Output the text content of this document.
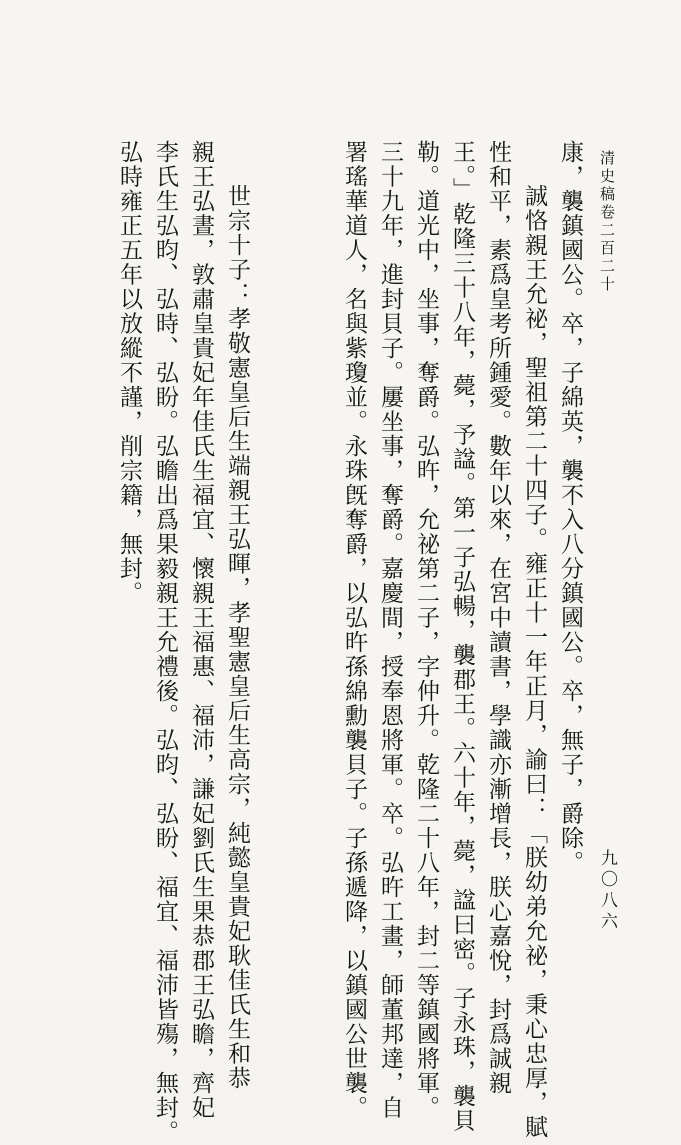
清史稿卷二百二十九〇八六
康，襲鎮國公。卒，子綿英，襲不入八分鎮國公。卒，無子，爵除。
誠恪親王允祕，聖祖第二十四子。雍正十一年正月，諭曰：「朕幼弟允祕，秉心忠厚，賦
性和平，素爲皇考所鍾愛。數年以來，在宮中讀書，學識亦漸增長，朕心嘉悅，封爲誠親
王。」乾隆三十八年，薨，予諡。第一子弘暢，襲郡王。六十年，薨，諡曰密。子永珠，襲貝
勒。道光中，坐事，奪爵。弘旿，允祕第二子，字仲升。乾隆二十八年，封二等鎮國將軍。
三十九年，進封貝子。屢坐事，奪爵。嘉慶間，授奉恩將軍。卒。弘旿工畫，師董邦達，自
署瑤華道人，名與紫瓊並。永珠旣奪爵，以弘旿孫綿勳襲貝子。子孫遞降，以鎮國公世襲。
世宗十子：孝敬憲皇后生端親王弘暉，孝聖憲皇后生高宗，純懿皇貴妃耿佳氏生和恭
親王弘晝，敦肅皇貴妃年佳氏生福宜、懷親王福惠、福沛，謙妃劉氏生果恭郡王弘瞻，齊妃
李氏生弘昀、弘時、弘盼。弘瞻出爲果毅親王允禮後。弘昀、弘盼、福宜、福沛皆殤，無封。
弘時雍正五年以放縱不謹，削宗籍，無封。
